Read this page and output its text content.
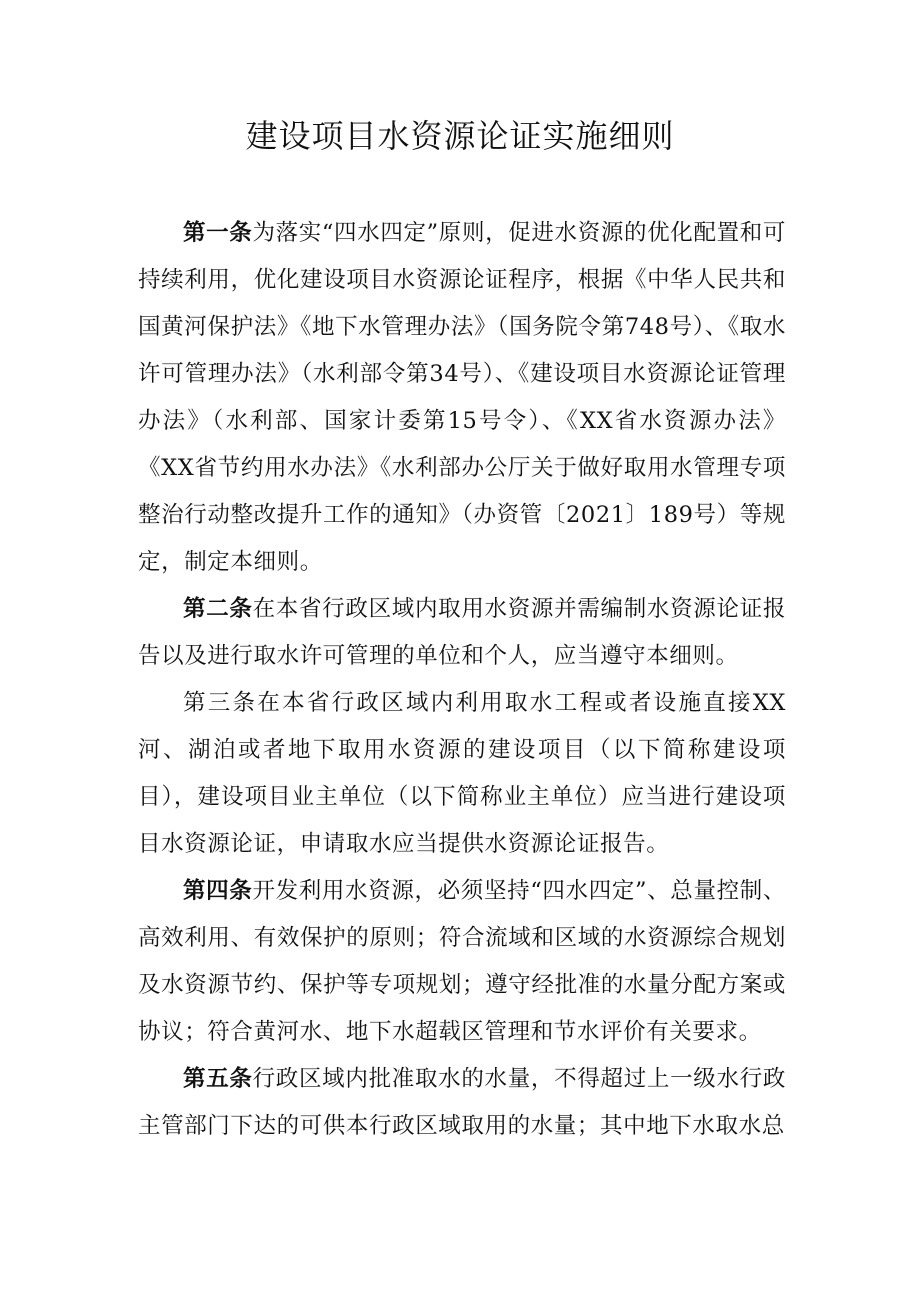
建设项目水资源论证实施细则

第一条为落实“四水四定”原则，促进水资源的优化配置和可持续利用，优化建设项目水资源论证程序，根据《中华人民共和国黄河保护法》《地下水管理办法》（国务院令第748号）、《取水许可管理办法》（水利部令第34号）、《建设项目水资源论证管理办法》（水利部、国家计委第15号令）、《XX省水资源办法》《XX省节约用水办法》《水利部办公厅关于做好取用水管理专项整治行动整改提升工作的通知》（办资管〔2021〕189号）等规定，制定本细则。

第二条在本省行政区域内取用水资源并需编制水资源论证报告以及进行取水许可管理的单位和个人，应当遵守本细则。

第三条在本省行政区域内利用取水工程或者设施直接XX河、湖泊或者地下取用水资源的建设项目（以下简称建设项目），建设项目业主单位（以下简称业主单位）应当进行建设项目水资源论证，申请取水应当提供水资源论证报告。

第四条开发利用水资源，必须坚持“四水四定”、总量控制、高效利用、有效保护的原则；符合流域和区域的水资源综合规划及水资源节约、保护等专项规划；遵守经批准的水量分配方案或协议；符合黄河水、地下水超载区管理和节水评价有关要求。

第五条行政区域内批准取水的水量，不得超过上一级水行政主管部门下达的可供本行政区域取用的水量；其中地下水取水总
